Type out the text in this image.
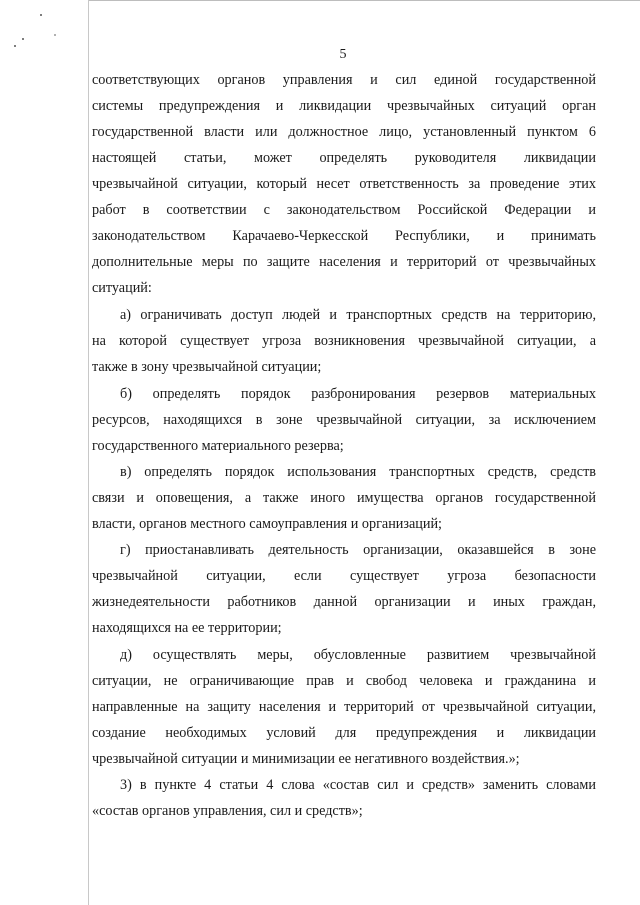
5
соответствующих органов управления и сил единой государственной
системы предупреждения и ликвидации чрезвычайных ситуаций орган
государственной власти или должностное лицо, установленный пунктом 6
настоящей статьи, может определять руководителя ликвидации
чрезвычайной ситуации, который несет ответственность за проведение этих
работ в соответствии с законодательством Российской Федерации и
законодательством Карачаево-Черкесской Республики, и принимать
дополнительные меры по защите населения и территорий от чрезвычайных
ситуаций:
а) ограничивать доступ людей и транспортных средств на территорию,
на которой существует угроза возникновения чрезвычайной ситуации, а
также в зону чрезвычайной ситуации;
б) определять порядок разбронирования резервов материальных
ресурсов, находящихся в зоне чрезвычайной ситуации, за исключением
государственного материального резерва;
в) определять порядок использования транспортных средств, средств
связи и оповещения, а также иного имущества органов государственной
власти, органов местного самоуправления и организаций;
г) приостанавливать деятельность организации, оказавшейся в зоне
чрезвычайной ситуации, если существует угроза безопасности
жизнедеятельности работников данной организации и иных граждан,
находящихся на ее территории;
д) осуществлять меры, обусловленные развитием чрезвычайной
ситуации, не ограничивающие прав и свобод человека и гражданина и
направленные на защиту населения и территорий от чрезвычайной ситуации,
создание необходимых условий для предупреждения и ликвидации
чрезвычайной ситуации и минимизации ее негативного воздействия.»;
3) в пункте 4 статьи 4 слова «состав сил и средств» заменить словами
«состав органов управления, сил и средств»;
